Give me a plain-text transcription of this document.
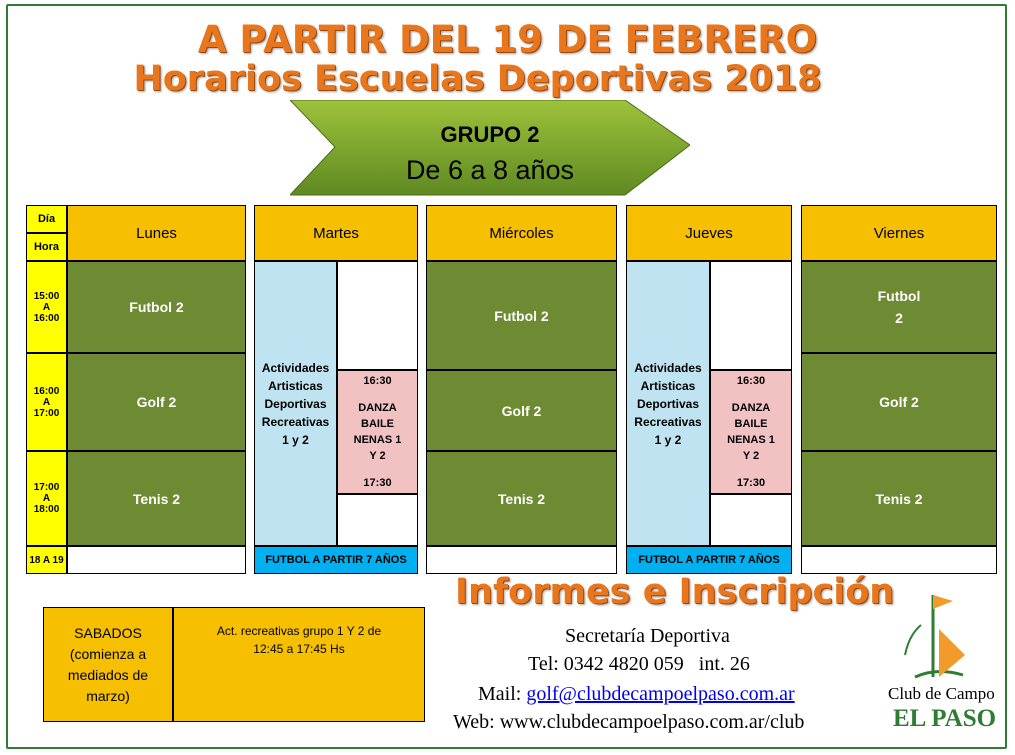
A PARTIR DEL 19 DE FEBRERO
Horarios Escuelas Deportivas 2018
GRUPO 2
De 6 a 8 años
Día
Hora
15:00 A 16:00
16:00 A 17:00
17:00 A 18:00
18 A 19
Lunes
Futbol 2
Golf 2
Tenis 2
Martes
Actividades Artisticas Deportivas Recreativas 1 y 2
16:30
DANZA BAILE NENAS 1 Y 2
17:30
FUTBOL A PARTIR 7 AÑOS
Miércoles
Futbol 2
Golf 2
Tenis 2
Jueves
Actividades Artisticas Deportivas Recreativas 1 y 2
16:30
DANZA BAILE NENAS 1 Y 2
17:30
FUTBOL A PARTIR 7 AÑOS
Viernes
Futbol 2
Golf 2
Tenis 2
SABADOS (comienza a mediados de marzo)
Act. recreativas grupo 1 Y 2 de 12:45 a 17:45 Hs
Informes e Inscripción
Secretaría Deportiva
Tel: 0342 4820 059   int. 26
Mail: golf@clubdecampoelpaso.com.ar
Web: www.clubdecampoelpaso.com.ar/club
Club de Campo
EL PASO
